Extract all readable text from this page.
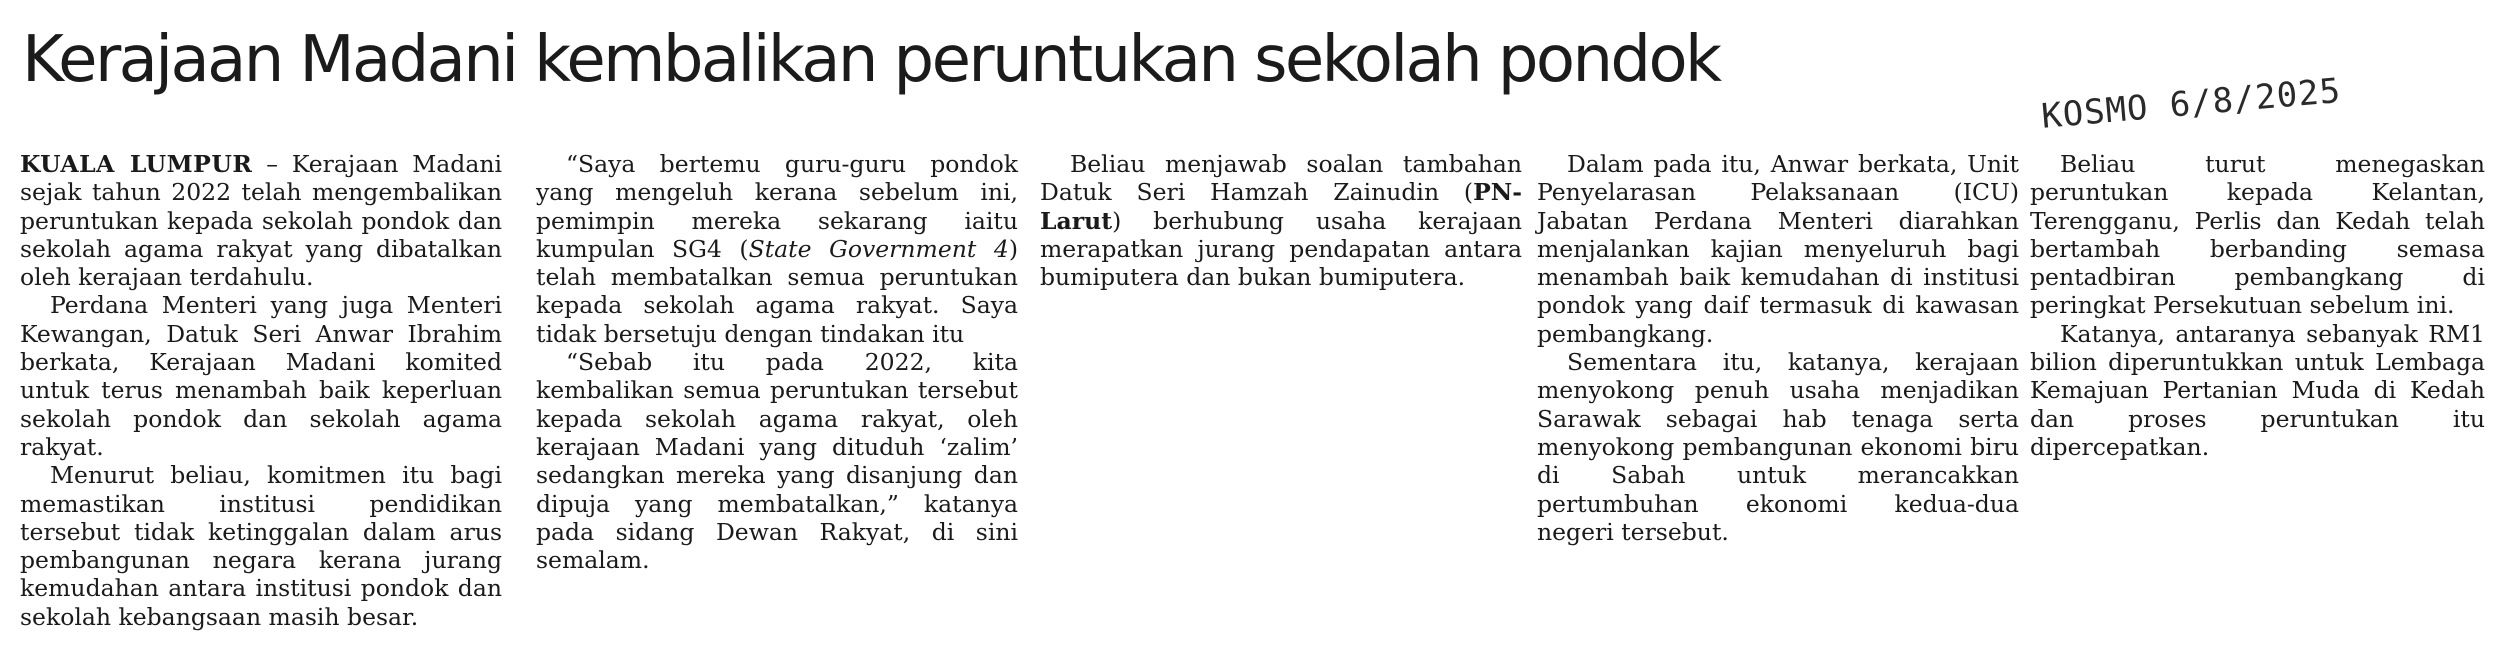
Kerajaan Madani kembalikan peruntukan sekolah pondok
KOSMO 6/8/2025

KUALA LUMPUR – Kerajaan Madani sejak tahun 2022 telah mengembalikan peruntukan kepada sekolah pondok dan sekolah agama rakyat yang dibatalkan oleh kerajaan terdahulu.

Perdana Menteri yang juga Menteri Kewangan, Datuk Seri Anwar Ibrahim berkata, Kerajaan Madani komited untuk terus menambah baik keperluan sekolah pondok dan sekolah agama rakyat.

Menurut beliau, komitmen itu bagi memastikan institusi pendidikan tersebut tidak ketinggalan dalam arus pembangunan negara kerana jurang kemudahan antara institusi pondok dan sekolah kebangsaan masih besar.

“Saya bertemu guru-guru pondok yang mengeluh kerana sebelum ini, pemimpin mereka sekarang iaitu kumpulan SG4 (State Government 4) telah membatalkan semua peruntukan kepada sekolah agama rakyat. Saya tidak bersetuju dengan tindakan itu

“Sebab itu pada 2022, kita kembalikan semua peruntukan tersebut kepada sekolah agama rakyat, oleh kerajaan Madani yang dituduh ‘zalim’ sedangkan mereka yang disanjung dan dipuja yang membatalkan,” katanya pada sidang Dewan Rakyat, di sini semalam.

Beliau menjawab soalan tambahan Datuk Seri Hamzah Zainudin (PN-Larut) berhubung usaha kerajaan merapatkan jurang pendapatan antara bumiputera dan bukan bumiputera.

Dalam pada itu, Anwar berkata, Unit Penyelarasan Pelaksanaan (ICU) Jabatan Perdana Menteri diarahkan menjalankan kajian menyeluruh bagi menambah baik kemudahan di institusi pondok yang daif termasuk di kawasan pembangkang.

Sementara itu, katanya, kerajaan menyokong penuh usaha menjadikan Sarawak sebagai hab tenaga serta menyokong pembangunan ekonomi biru di Sabah untuk merancakkan pertumbuhan ekonomi kedua-dua negeri tersebut.

Beliau turut menegaskan peruntukan kepada Kelantan, Terengganu, Perlis dan Kedah telah bertambah berbanding semasa pentadbiran pembangkang di peringkat Persekutuan sebelum ini.

Katanya, antaranya sebanyak RM1 bilion diperuntukkan untuk Lembaga Kemajuan Pertanian Muda di Kedah dan proses peruntukan itu dipercepatkan.
